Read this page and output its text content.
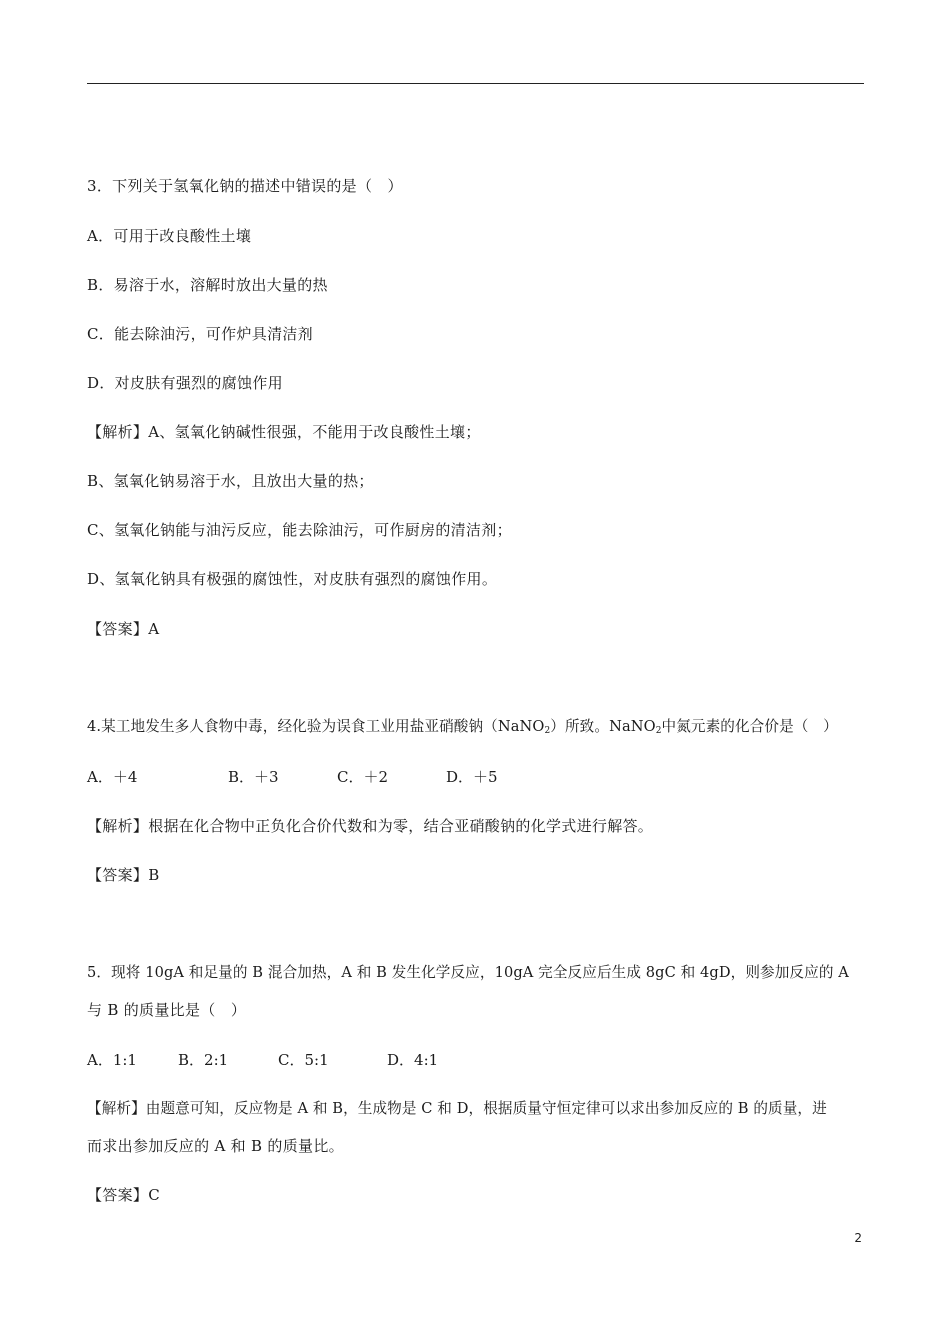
3．下列关于氢氧化钠的描述中错误的是（　）
A．可用于改良酸性土壤
B．易溶于水，溶解时放出大量的热
C．能去除油污，可作炉具清洁剂
D．对皮肤有强烈的腐蚀作用
【解析】A、氢氧化钠碱性很强，不能用于改良酸性土壤；
B、氢氧化钠易溶于水，且放出大量的热；
C、氢氧化钠能与油污反应，能去除油污，可作厨房的清洁剂；
D、氢氧化钠具有极强的腐蚀性，对皮肤有强烈的腐蚀作用。
【答案】A
4.某工地发生多人食物中毒，经化验为误食工业用盐亚硝酸钠（NaNO$_2$）所致。NaNO$_2$中氮元素的化合价是（　）
A．＋4	B．＋3	C．＋2	D．＋5
【解析】根据在化合物中正负化合价代数和为零，结合亚硝酸钠的化学式进行解答。
【答案】B
5．现将 10gA 和足量的 B 混合加热，A 和 B 发生化学反应，10gA 完全反应后生成 8gC 和 4gD，则参加反应的 A
与 B 的质量比是（　）
A．1:1	B．2:1	C．5:1	D．4:1
【解析】由题意可知，反应物是 A 和 B，生成物是 C 和 D，根据质量守恒定律可以求出参加反应的 B 的质量，进
而求出参加反应的 A 和 B 的质量比。
【答案】C
2
